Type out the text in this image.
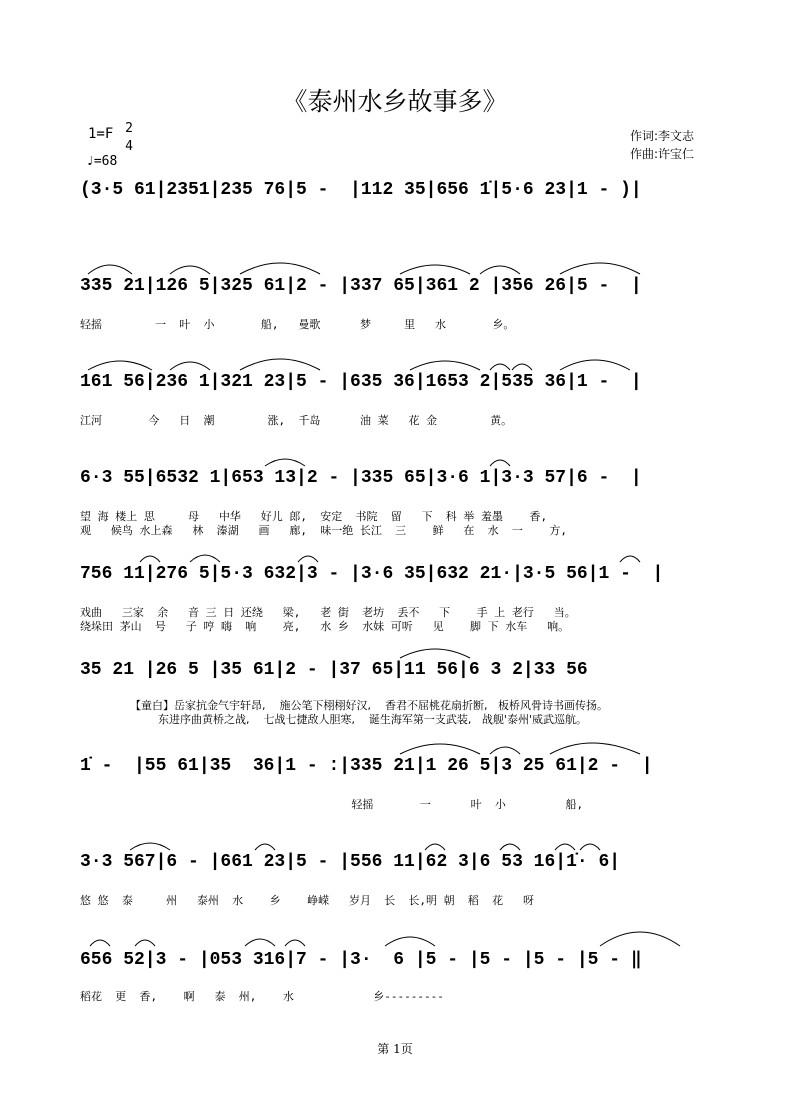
《泰州水乡故事多》
1=F 2
4
♩=68
作词:李文志
作曲:许宝仁
(3·5 61|2351|235 76|5 -  |112 35|656 1̇|5·6 23|1 - )|
335 21|126 5|325 61|2 - |337 65|361 2 |356 26|5 -  |
轻摇        一  叶  小       船,   曼歌      梦     里   水       乡。
161 56|236 1|321 23|5 - |635 36|1653 2|535 36|1 -  |
江河       今   日  潮        涨,  千岛      油 菜   花 金        黄。
6·3 55|6532 1|653 13|2 - |335 65|3·6 1|3·3 57|6 -  |
望 海 楼上 思     母   中华   好儿 郎,  安定  书院  留   下  科 举 羞墨    香,
观   候鸟 水上森   林  溱湖   画   廊,  味一绝 长江  三    鲜   在  水  一    方,
756 11|276 5|5·3 632|3 - |3·6 35|632 21·|3·5 56|1 -  |
戏曲   三家  余   音 三 日 还绕   梁,   老 街  老坊  丢不   下    手 上 老行   当。
绕垛田 茅山  号   子 哼 嗨  响    亮,   水 乡  水妹 可听   见    脚 下 水车   响。
35 21 |26 5 |35 61|2 - |37 65|11 56|6 3 2|33 56
【童白】岳家抗金气宇轩昂,    施公笔下栩栩好汉,    香君不屈桃花扇折断,   板桥风骨诗书画传扬。
东进序曲黄桥之战,    七战七捷敌人胆寒,    诞生海军第一支武装,   战舰'泰州'威武巡航。
1̇ -  |55 61|35  36|1 - :|335 21|1 26 5|3 25 61|2 -  |
轻摇       一      叶  小         船,
3·3 567|6 - |661 23|5 - |556 11|62 3|6 53 16|1̇· 6|
悠 悠  泰     州   泰州  水    乡    峥嵘   岁月  长  长,明 朝  稻  花   呀
656 52|3 - |053 316|7 - |3·  6 |5 - |5 - |5 - |5 - ‖
稻花  更  香,    啊   泰  州,    水            乡---------
第 1页
